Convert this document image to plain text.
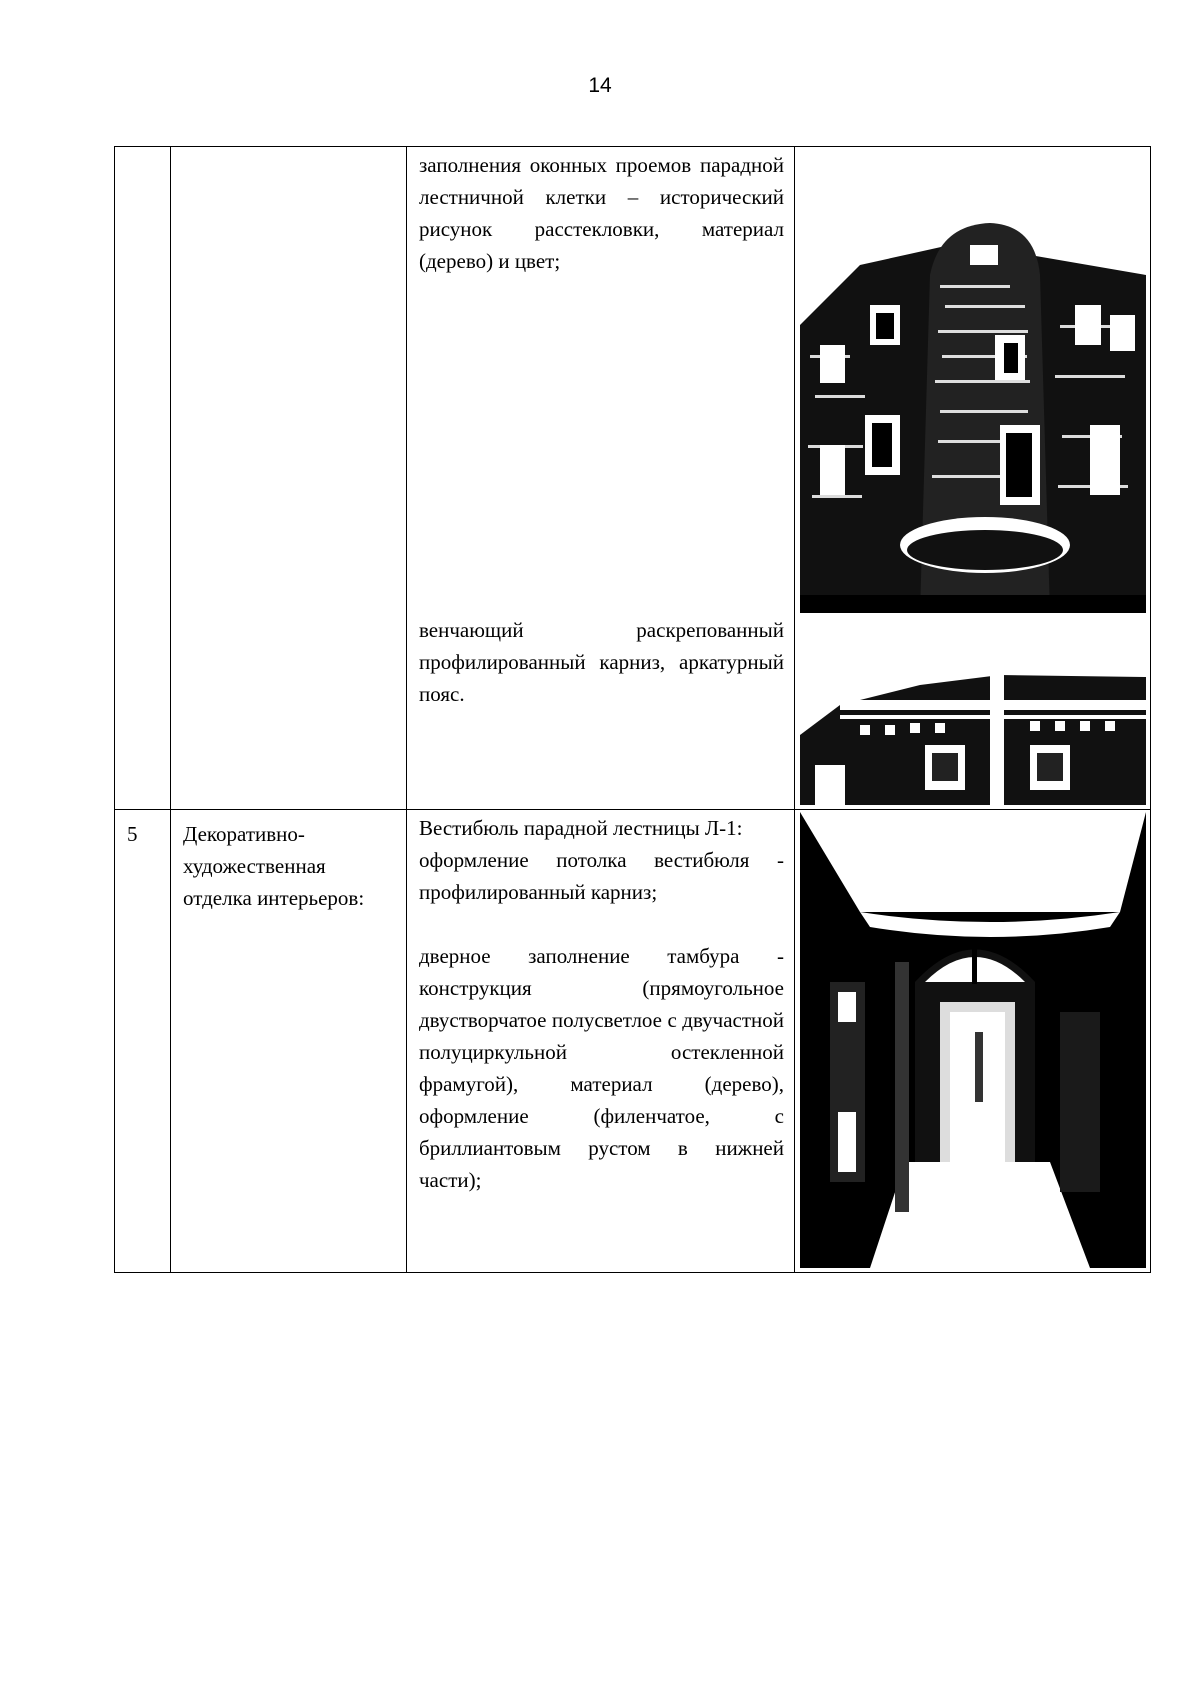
14

		заполнения оконных проемов парадной лестничной клетки – исторический рисунок расстекловки, материал (дерево) и цвет;

венчающий раскрепованный профилированный карниз, аркатурный пояс.

5	Декоративно-художественная отделка интерьеров:	Вестибюль парадной лестницы Л-1:

оформление потолка вестибюля - профилированный карниз;

дверное заполнение тамбура - конструкция (прямоугольное двустворчатое полусветлое с двучастной полуциркульной остекленной фрамугой), материал (дерево), оформление (филенчатое, с бриллиантовым рустом в нижней части);
